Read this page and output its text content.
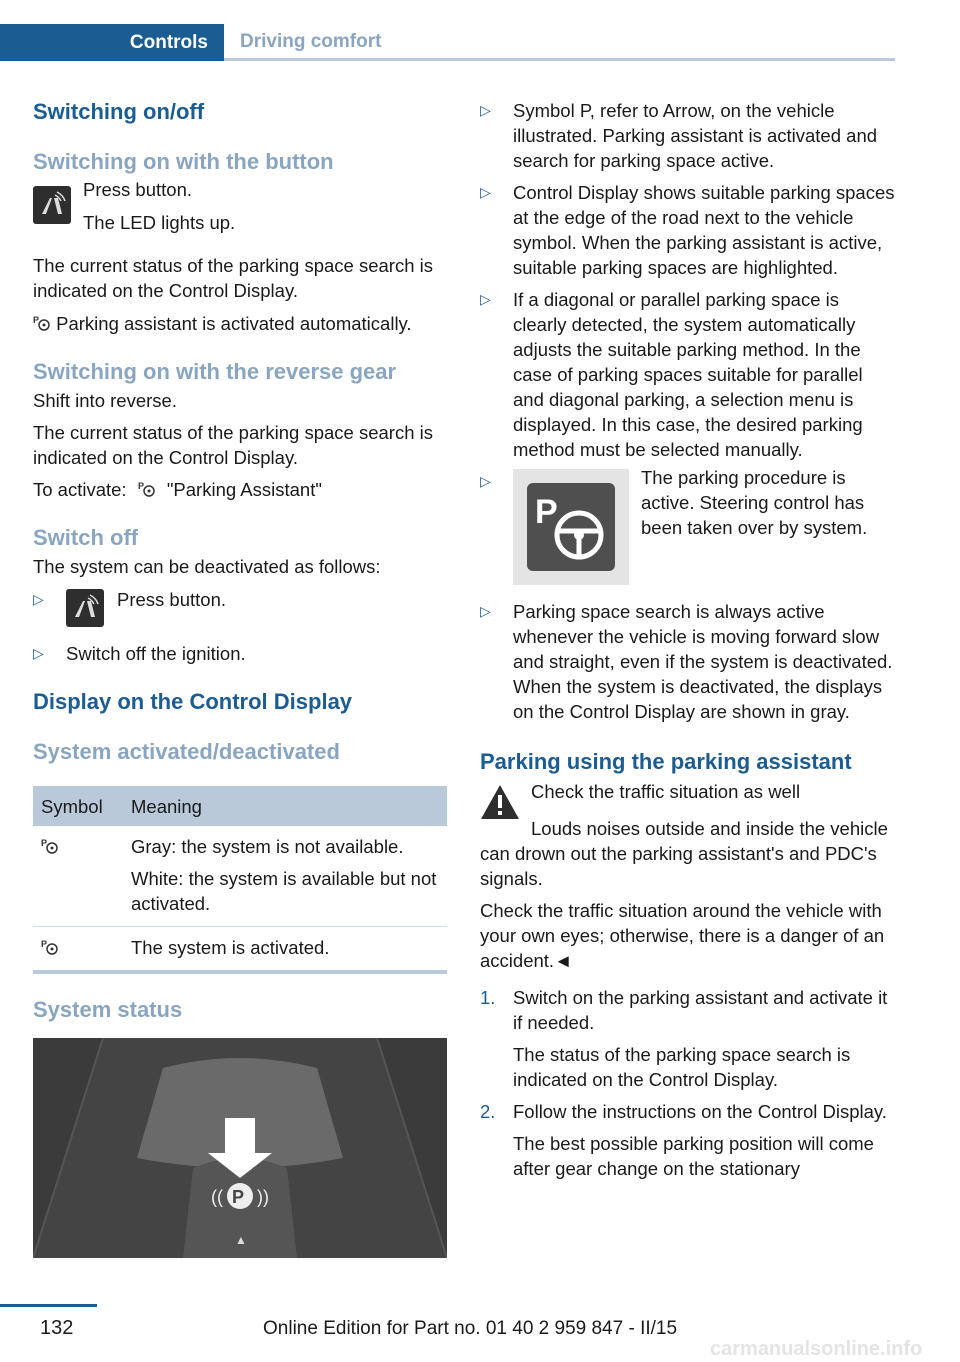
Controls Driving comfort
Switching on/off
Switching on with the button

Press button.

The LED lights up.

The current status of the parking space search is indicated on the Control Display.

P Parking assistant is activated automatically.

Switching on with the reverse gear

Shift into reverse.

The current status of the parking space search is indicated on the Control Display.

To activate: P "Parking Assistant"

Switch off

The system can be deactivated as follows:

▷	Press button.
▷	Switch off the ignition.
Display on the Control Display
System activated/deactivated
Symbol	Meaning

P	Gray: the system is not available.

White: the system is available but not activated.

P	The system is activated.
System status
(( P ))
▲
▷	Symbol P, refer to Arrow, on the vehicle illustrated. Parking assistant is activated and search for parking space active.
▷	Control Display shows suitable parking spaces at the edge of the road next to the vehicle symbol. When the parking assistant is active, suitable parking spaces are highlighted.
▷	If a diagonal or parallel parking space is clearly detected, the system automatically adjusts the suitable parking method. In the case of parking spaces suitable for parallel and diagonal parking, a selection menu is displayed. In this case, the desired parking method must be selected manually.
▷
P
The parking procedure is active. Steering control has been taken over by system.
▷	Parking space search is always active whenever the vehicle is moving forward slow and straight, even if the system is deactivated. When the system is deactivated, the displays on the Control Display are shown in gray.
Parking using the parking assistant

Check the traffic situation as well

Louds noises outside and inside the vehicle can drown out the parking assistant's and PDC's signals.

Check the traffic situation around the vehicle with your own eyes; otherwise, there is a danger of an accident.◄

1. Switch on the parking assistant and activate it if needed.

The status of the parking space search is indicated on the Control Display.

2. Follow the instructions on the Control Display.

The best possible parking position will come after gear change on the stationary

132	Online Edition for Part no. 01 40 2 959 847 - II/15
carmanualsonline.info
